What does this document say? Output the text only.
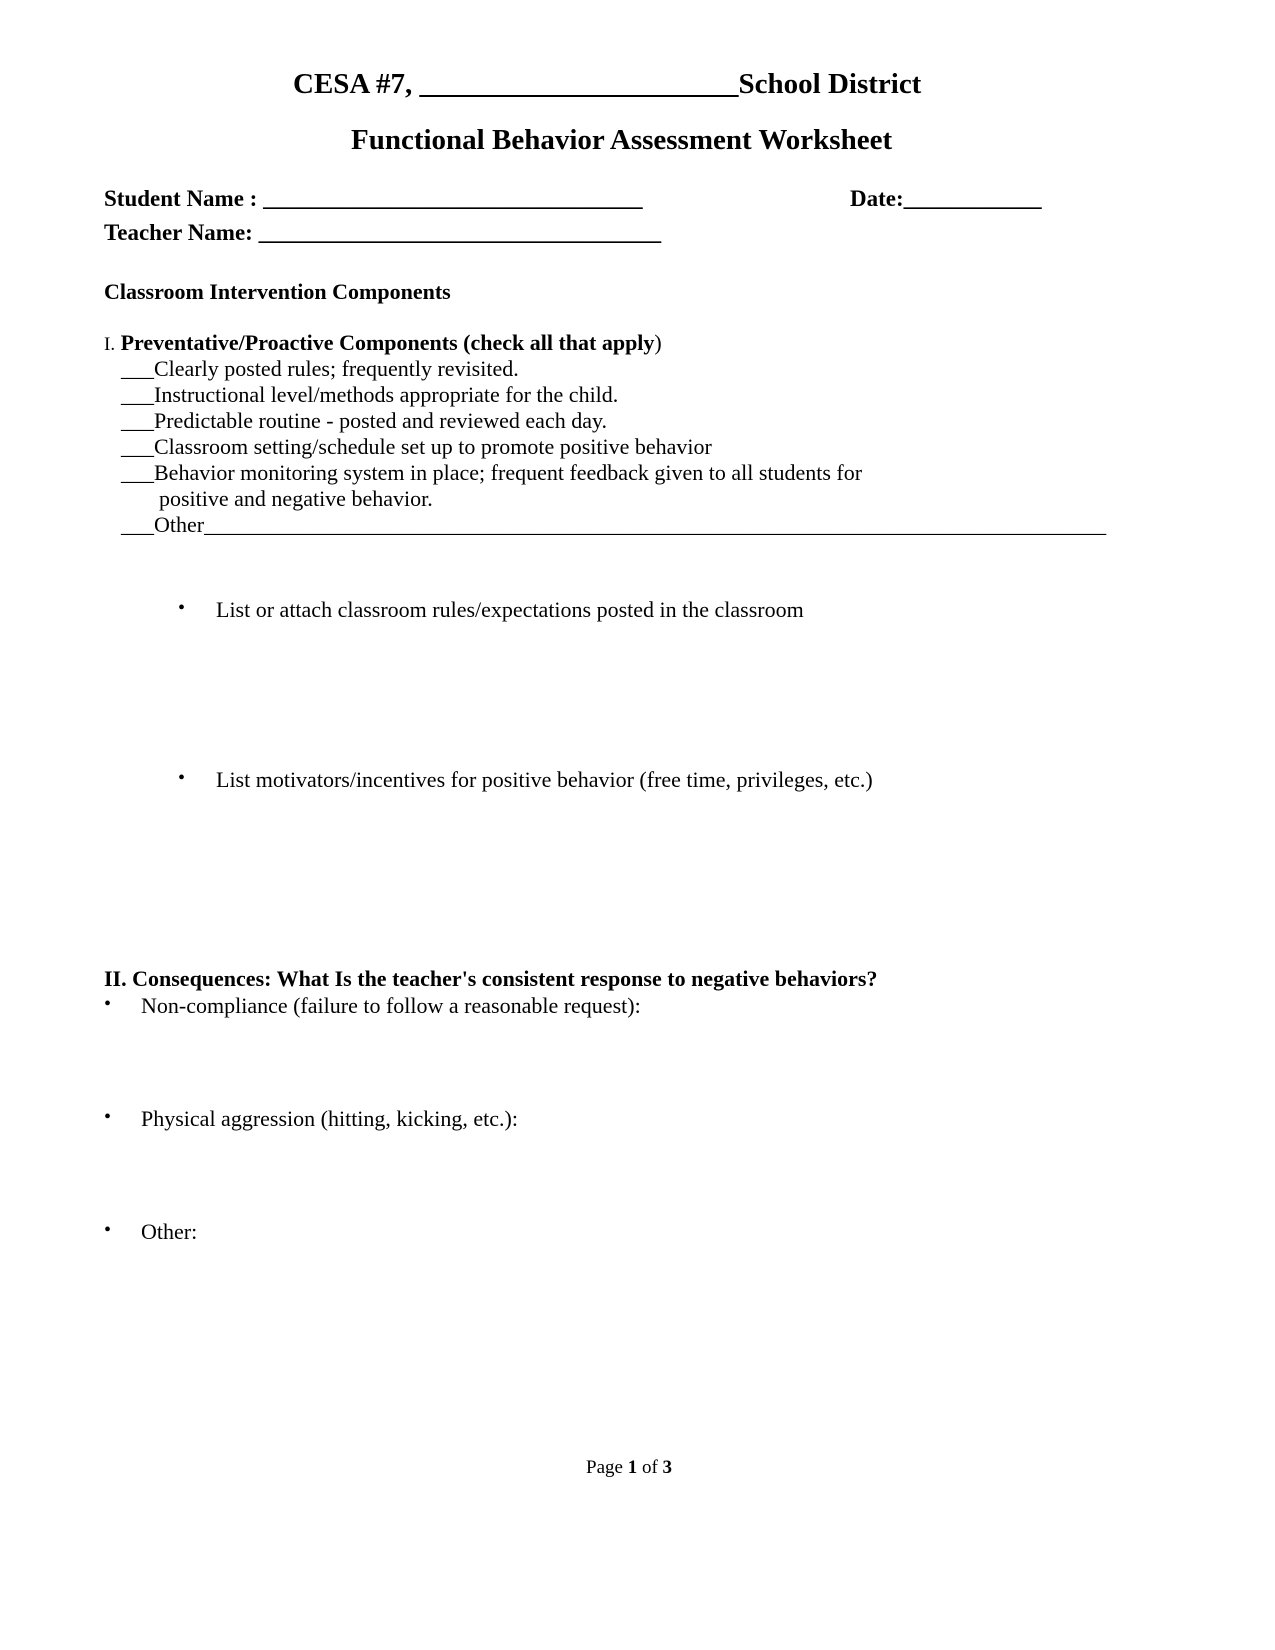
CESA #7, ______________________School District
Functional Behavior Assessment Worksheet
Student Name : _________________________________	Date:____________
Teacher Name: ___________________________________
Classroom Intervention Components
I. Preventative/Proactive Components (check all that apply)
___Clearly posted rules; frequently revisited.
___Instructional level/methods appropriate for the child.
___Predictable routine - posted and reviewed each day.
___Classroom setting/schedule set up to promote positive behavior
___Behavior monitoring system in place; frequent feedback given to all students for
positive and negative behavior.
___Other__________________________________________________________________________________
• List or attach classroom rules/expectations posted in the classroom
• List motivators/incentives for positive behavior (free time, privileges, etc.)
II. Consequences: What Is the teacher's consistent response to negative behaviors?
• Non-compliance (failure to follow a reasonable request):
• Physical aggression (hitting, kicking, etc.):
• Other:
Page 1 of 3
